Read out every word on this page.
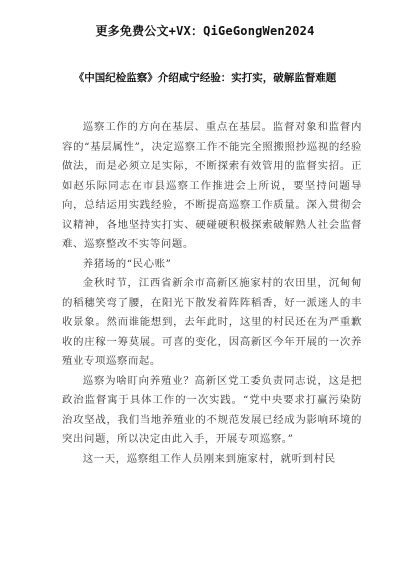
更多免费公文+VX：QiGeGongWen2024
《中国纪检监察》介绍咸宁经验：实打实，破解监督难题

巡察工作的方向在基层、重点在基层。监督对象和监督内容的“基层属性”，决定巡察工作不能完全照搬照抄巡视的经验做法，而是必须立足实际，不断探索有效管用的监督实招。正如赵乐际同志在市县巡察工作推进会上所说，要坚持问题导向，总结运用实践经验，不断提高巡察工作质量。深入贯彻会议精神，各地坚持实打实、硬碰硬积极探索破解熟人社会监督难、巡察整改不实等问题。

养猪场的“民心账”

金秋时节，江西省新余市高新区施家村的农田里，沉甸甸的稻穗笑弯了腰，在阳光下散发着阵阵稻香，好一派迷人的丰收景象。然而谁能想到，去年此时，这里的村民还在为严重歉收的庄稼一筹莫展。可喜的变化，因高新区今年开展的一次养殖业专项巡察而起。

巡察为啥盯向养殖业？高新区党工委负责同志说，这是把政治监督寓于具体工作的一次实践。“党中央要求打赢污染防治攻坚战，我们当地养殖业的不规范发展已经成为影响环境的突出问题，所以决定由此入手，开展专项巡察。”

这一天，巡察组工作人员刚来到施家村，就听到村民
